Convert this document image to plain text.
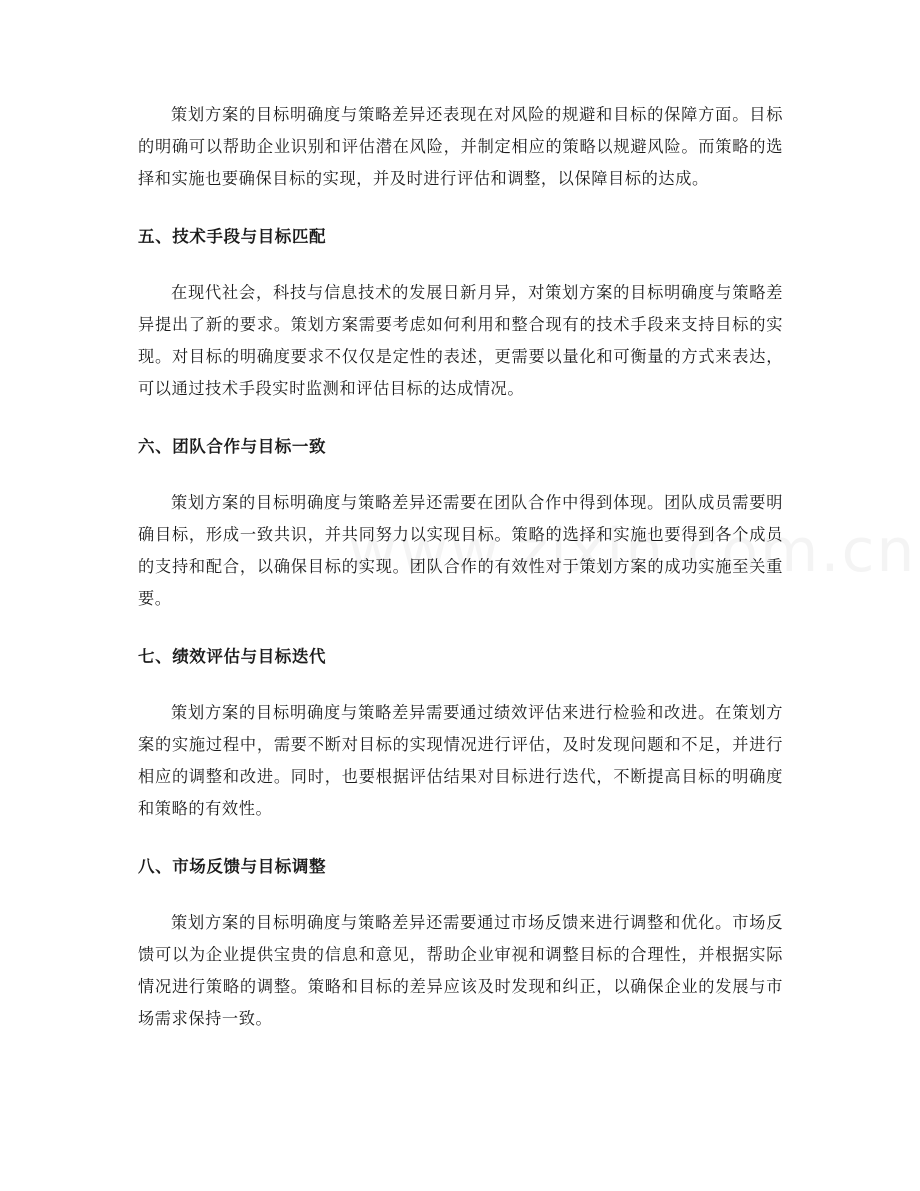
策划方案的目标明确度与策略差异还表现在对风险的规避和目标的保障方面。目标的明确可以帮助企业识别和评估潜在风险，并制定相应的策略以规避风险。而策略的选择和实施也要确保目标的实现，并及时进行评估和调整，以保障目标的达成。

五、技术手段与目标匹配

在现代社会，科技与信息技术的发展日新月异，对策划方案的目标明确度与策略差异提出了新的要求。策划方案需要考虑如何利用和整合现有的技术手段来支持目标的实现。对目标的明确度要求不仅仅是定性的表述，更需要以量化和可衡量的方式来表达，可以通过技术手段实时监测和评估目标的达成情况。

六、团队合作与目标一致

策划方案的目标明确度与策略差异还需要在团队合作中得到体现。团队成员需要明确目标，形成一致共识，并共同努力以实现目标。策略的选择和实施也要得到各个成员的支持和配合，以确保目标的实现。团队合作的有效性对于策划方案的成功实施至关重要。

七、绩效评估与目标迭代

策划方案的目标明确度与策略差异需要通过绩效评估来进行检验和改进。在策划方案的实施过程中，需要不断对目标的实现情况进行评估，及时发现问题和不足，并进行相应的调整和改进。同时，也要根据评估结果对目标进行迭代，不断提高目标的明确度和策略的有效性。

八、市场反馈与目标调整

策划方案的目标明确度与策略差异还需要通过市场反馈来进行调整和优化。市场反馈可以为企业提供宝贵的信息和意见，帮助企业审视和调整目标的合理性，并根据实际情况进行策略的调整。策略和目标的差异应该及时发现和纠正，以确保企业的发展与市场需求保持一致。
